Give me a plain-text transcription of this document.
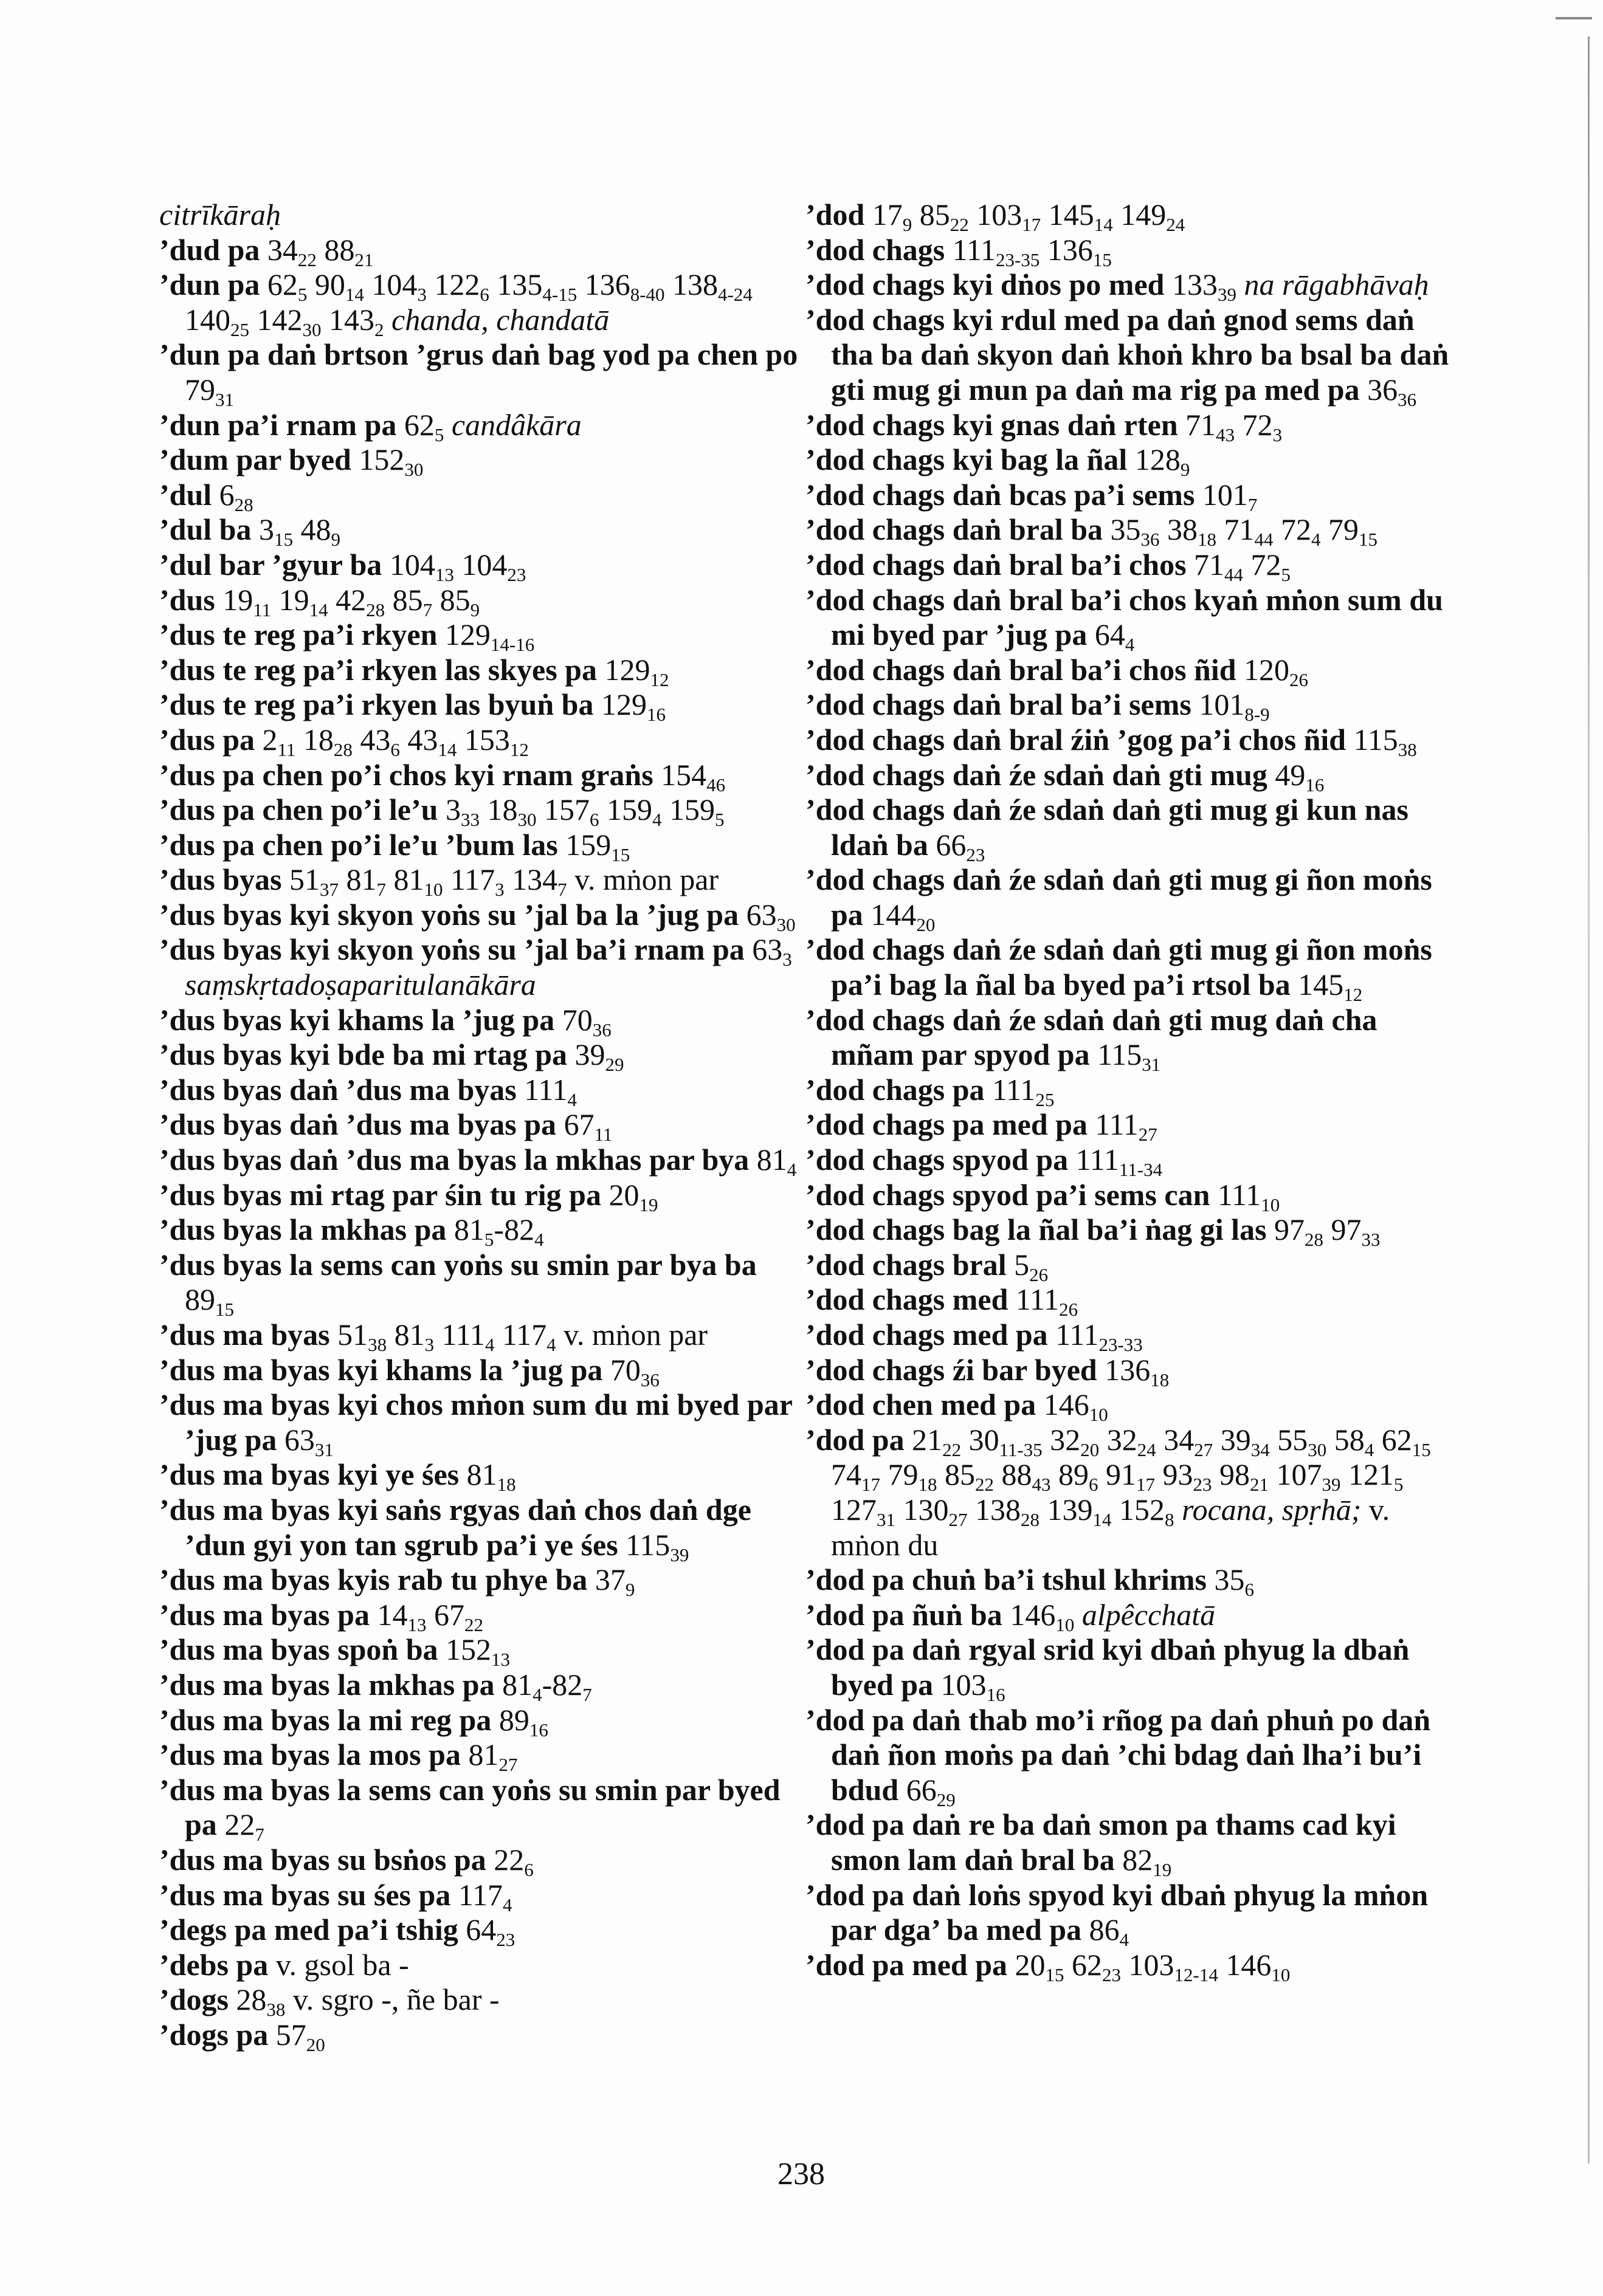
citrīkāraḥ
’dud pa $34_{22}$ $88_{21}$
’dun pa $62_5$ $90_{14}$ $104_3$ $122_6$ $135_{4-15}$ $136_{8-40}$ $138_{4-24}$ $140_{25}$ $142_{30}$ $143_2$ chanda, chandatā
’dun pa daṅ brtson ’grus daṅ bag yod pa chen po $79_{31}$
’dun pa’i rnam pa $62_5$ candâkāra
’dum par byed $152_{30}$
’dul $6_{28}$
’dul ba $3_{15}$ $48_9$
’dul bar ’gyur ba $104_{13}$ $104_{23}$
’dus $19_{11}$ $19_{14}$ $42_{28}$ $85_7$ $85_9$
’dus te reg pa’i rkyen $129_{14-16}$
’dus te reg pa’i rkyen las skyes pa $129_{12}$
’dus te reg pa’i rkyen las byuṅ ba $129_{16}$
’dus pa $2_{11}$ $18_{28}$ $43_6$ $43_{14}$ $153_{12}$
’dus pa chen po’i chos kyi rnam graṅs $154_{46}$
’dus pa chen po’i le’u $3_{33}$ $18_{30}$ $157_6$ $159_4$ $159_5$
’dus pa chen po’i le’u ’bum las $159_{15}$
’dus byas $51_{37}$ $81_7$ $81_{10}$ $117_3$ $134_7$ v. mṅon par
’dus byas kyi skyon yoṅs su ’jal ba la ’jug pa $63_{30}$
’dus byas kyi skyon yoṅs su ’jal ba’i rnam pa $63_3$ saṃskṛtadoṣaparitulanākāra
’dus byas kyi khams la ’jug pa $70_{36}$
’dus byas kyi bde ba mi rtag pa $39_{29}$
’dus byas daṅ ’dus ma byas $111_4$
’dus byas daṅ ’dus ma byas pa $67_{11}$
’dus byas daṅ ’dus ma byas la mkhas par bya $81_4$
’dus byas mi rtag par śin tu rig pa $20_{19}$
’dus byas la mkhas pa $81_5-82_4$
’dus byas la sems can yoṅs su smin par bya ba $89_{15}$
’dus ma byas $51_{38}$ $81_3$ $111_4$ $117_4$ v. mṅon par
’dus ma byas kyi khams la ’jug pa $70_{36}$
’dus ma byas kyi chos mṅon sum du mi byed par ’jug pa $63_{31}$
’dus ma byas kyi ye śes $81_{18}$
’dus ma byas kyi saṅs rgyas daṅ chos daṅ dge ’dun gyi yon tan sgrub pa’i ye śes $115_{39}$
’dus ma byas kyis rab tu phye ba $37_9$
’dus ma byas pa $14_{13}$ $67_{22}$
’dus ma byas spoṅ ba $152_{13}$
’dus ma byas la mkhas pa $81_4-82_7$
’dus ma byas la mi reg pa $89_{16}$
’dus ma byas la mos pa $81_{27}$
’dus ma byas la sems can yoṅs su smin par byed pa $22_7$
’dus ma byas su bsṅos pa $22_6$
’dus ma byas su śes pa $117_4$
’degs pa med pa’i tshig $64_{23}$
’debs pa v. gsol ba -
’dogs $28_{38}$ v. sgro -, ñe bar -
’dogs pa $57_{20}$
’dod $17_9$ $85_{22}$ $103_{17}$ $145_{14}$ $149_{24}$
’dod chags $111_{23-35}$ $136_{15}$
’dod chags kyi dṅos po med $133_{39}$ na rāgabhāvaḥ
’dod chags kyi rdul med pa daṅ gnod sems daṅ tha ba daṅ skyon daṅ khoṅ khro ba bsal ba daṅ gti mug gi mun pa daṅ ma rig pa med pa $36_{36}$
’dod chags kyi gnas daṅ rten $71_{43}$ $72_3$
’dod chags kyi bag la ñal $128_9$
’dod chags daṅ bcas pa’i sems $101_7$
’dod chags daṅ bral ba $35_{36}$ $38_{18}$ $71_{44}$ $72_4$ $79_{15}$
’dod chags daṅ bral ba’i chos $71_{44}$ $72_5$
’dod chags daṅ bral ba’i chos kyaṅ mṅon sum du mi byed par ’jug pa $64_4$
’dod chags daṅ bral ba’i chos ñid $120_{26}$
’dod chags daṅ bral ba’i sems $101_{8-9}$
’dod chags daṅ bral źiṅ ’gog pa’i chos ñid $115_{38}$
’dod chags daṅ źe sdaṅ daṅ gti mug $49_{16}$
’dod chags daṅ źe sdaṅ daṅ gti mug gi kun nas ldaṅ ba $66_{23}$
’dod chags daṅ źe sdaṅ daṅ gti mug gi ñon moṅs pa $144_{20}$
’dod chags daṅ źe sdaṅ daṅ gti mug gi ñon moṅs pa’i bag la ñal ba byed pa’i rtsol ba $145_{12}$
’dod chags daṅ źe sdaṅ daṅ gti mug daṅ cha mñam par spyod pa $115_{31}$
’dod chags pa $111_{25}$
’dod chags pa med pa $111_{27}$
’dod chags spyod pa $111_{11-34}$
’dod chags spyod pa’i sems can $111_{10}$
’dod chags bag la ñal ba’i ṅag gi las $97_{28}$ $97_{33}$
’dod chags bral $5_{26}$
’dod chags med $111_{26}$
’dod chags med pa $111_{23-33}$
’dod chags źi bar byed $136_{18}$
’dod chen med pa $146_{10}$
’dod pa $21_{22}$ $30_{11-35}$ $32_{20}$ $32_{24}$ $34_{27}$ $39_{34}$ $55_{30}$ $58_4$ $62_{15}$ $74_{17}$ $79_{18}$ $85_{22}$ $88_{43}$ $89_6$ $91_{17}$ $93_{23}$ $98_{21}$ $107_{39}$ $121_5$ $127_{31}$ $130_{27}$ $138_{28}$ $139_{14}$ $152_8$ rocana, spṛhā; v. mṅon du
’dod pa chuṅ ba’i tshul khrims $35_6$
’dod pa ñuṅ ba $146_{10}$ alpêcchatā
’dod pa daṅ rgyal srid kyi dbaṅ phyug la dbaṅ byed pa $103_{16}$
’dod pa daṅ thab mo’i rñog pa daṅ phuṅ po daṅ daṅ ñon moṅs pa daṅ ’chi bdag daṅ lha’i bu’i bdud $66_{29}$
’dod pa daṅ re ba daṅ smon pa thams cad kyi smon lam daṅ bral ba $82_{19}$
’dod pa daṅ loṅs spyod kyi dbaṅ phyug la mṅon par dga’ ba med pa $86_4$
’dod pa med pa $20_{15}$ $62_{23}$ $103_{12-14}$ $146_{10}$
238
